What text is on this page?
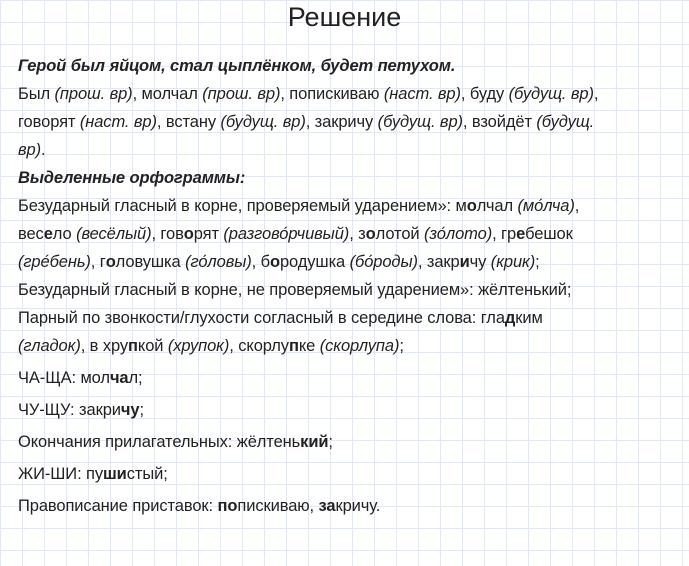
Решение
Герой был яйцом, стал цыплёнком, будет петухом.
Был (прош. вр), молчал (прош. вр), попискиваю (наст. вр), буду (будущ. вр),
говорят (наст. вр), встану (будущ. вр), закричу (будущ. вр), взойдёт (будущ.
вр).
Выделенные орфограммы:
Безударный гласный в корне, проверяемый ударением»: молчал (мо́лча),
весело (весёлый), говорят (разгово́рчивый), золотой (зо́лото), гребешок
(гре́бень), головушка (го́ловы), бородушка (бо́роды), закричу (крик);
Безударный гласный в корне, не проверяемый ударением»: жёлтенький;
Парный по звонкости/глухости согласный в середине слова: гладким
(гладок), в хрупкой (хрупок), скорлупке (скорлупа);
ЧА-ЩА: молчал;
ЧУ-ЩУ: закричу;
Окончания прилагательных: жёлтенький;
ЖИ-ШИ: пушистый;
Правописание приставок: попискиваю, закричу.
